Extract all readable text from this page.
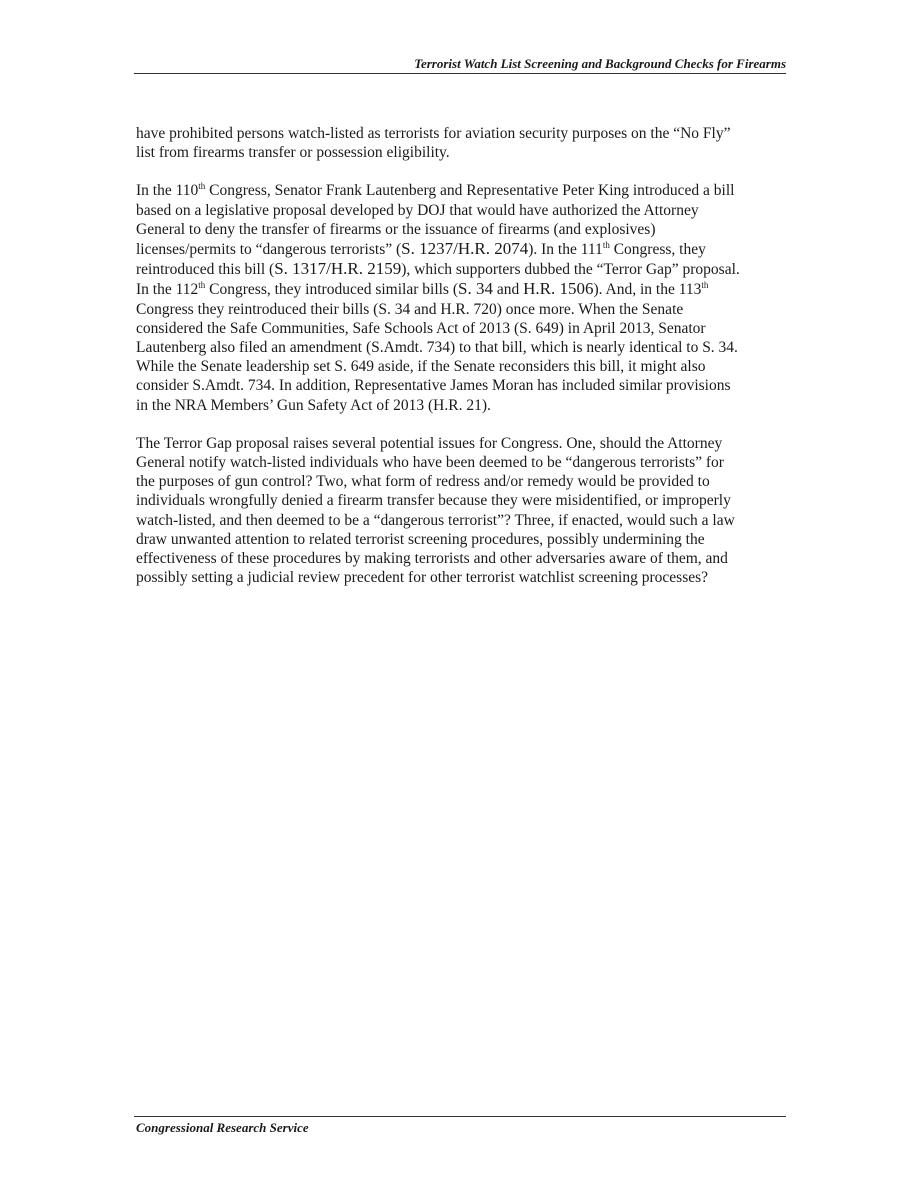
Terrorist Watch List Screening and Background Checks for Firearms

have prohibited persons watch-listed as terrorists for aviation security purposes on the “No Fly”
list from firearms transfer or possession eligibility.

In the 110th Congress, Senator Frank Lautenberg and Representative Peter King introduced a bill
based on a legislative proposal developed by DOJ that would have authorized the Attorney
General to deny the transfer of firearms or the issuance of firearms (and explosives)
licenses/permits to “dangerous terrorists” (S. 1237/H.R. 2074). In the 111th Congress, they
reintroduced this bill (S. 1317/H.R. 2159), which supporters dubbed the “Terror Gap” proposal.
In the 112th Congress, they introduced similar bills (S. 34 and H.R. 1506). And, in the 113th
Congress they reintroduced their bills (S. 34 and H.R. 720) once more. When the Senate
considered the Safe Communities, Safe Schools Act of 2013 (S. 649) in April 2013, Senator
Lautenberg also filed an amendment (S.Amdt. 734) to that bill, which is nearly identical to S. 34.
While the Senate leadership set S. 649 aside, if the Senate reconsiders this bill, it might also
consider S.Amdt. 734. In addition, Representative James Moran has included similar provisions
in the NRA Members’ Gun Safety Act of 2013 (H.R. 21).

The Terror Gap proposal raises several potential issues for Congress. One, should the Attorney
General notify watch-listed individuals who have been deemed to be “dangerous terrorists” for
the purposes of gun control? Two, what form of redress and/or remedy would be provided to
individuals wrongfully denied a firearm transfer because they were misidentified, or improperly
watch-listed, and then deemed to be a “dangerous terrorist”? Three, if enacted, would such a law
draw unwanted attention to related terrorist screening procedures, possibly undermining the
effectiveness of these procedures by making terrorists and other adversaries aware of them, and
possibly setting a judicial review precedent for other terrorist watchlist screening processes?

Congressional Research Service
